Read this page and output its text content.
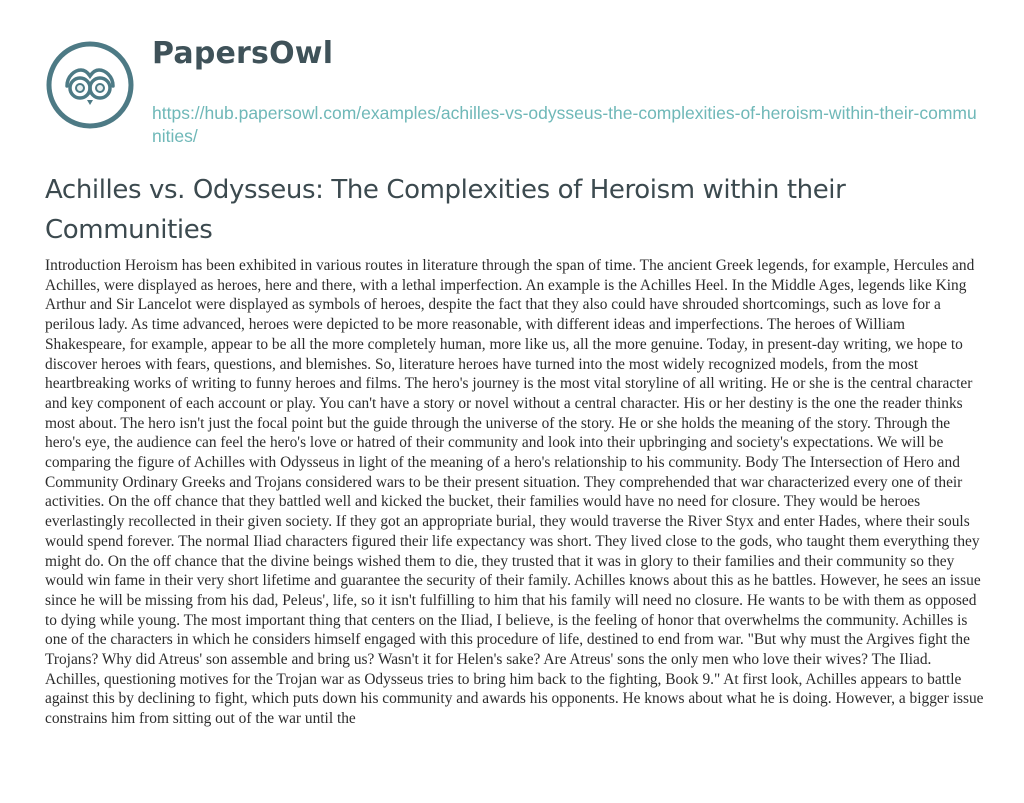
PapersOwl
https://hub.papersowl.com/examples/achilles-vs-odysseus-the-complexities-of-heroism-within-their-communities/
Achilles vs. Odysseus: The Complexities of Heroism within their Communities

Introduction Heroism has been exhibited in various routes in literature through the span of time. The ancient Greek legends, for example, Hercules and Achilles, were displayed as heroes, here and there, with a lethal imperfection. An example is the Achilles Heel. In the Middle Ages, legends like King Arthur and Sir Lancelot were displayed as symbols of heroes, despite the fact that they also could have shrouded shortcomings, such as love for a perilous lady. As time advanced, heroes were depicted to be more reasonable, with different ideas and imperfections. The heroes of William Shakespeare, for example, appear to be all the more completely human, more like us, all the more genuine. Today, in present-day writing, we hope to discover heroes with fears, questions, and blemishes. So, literature heroes have turned into the most widely recognized models, from the most heartbreaking works of writing to funny heroes and films. The hero's journey is the most vital storyline of all writing. He or she is the central character and key component of each account or play. You can't have a story or novel without a central character. His or her destiny is the one the reader thinks most about. The hero isn't just the focal point but the guide through the universe of the story. He or she holds the meaning of the story. Through the hero's eye, the audience can feel the hero's love or hatred of their community and look into their upbringing and society's expectations. We will be comparing the figure of Achilles with Odysseus in light of the meaning of a hero's relationship to his community. Body The Intersection of Hero and Community Ordinary Greeks and Trojans considered wars to be their present situation. They comprehended that war characterized every one of their activities. On the off chance that they battled well and kicked the bucket, their families would have no need for closure. They would be heroes everlastingly recollected in their given society. If they got an appropriate burial, they would traverse the River Styx and enter Hades, where their souls would spend forever. The normal Iliad characters figured their life expectancy was short. They lived close to the gods, who taught them everything they might do. On the off chance that the divine beings wished them to die, they trusted that it was in glory to their families and their community so they would win fame in their very short lifetime and guarantee the security of their family. Achilles knows about this as he battles. However, he sees an issue since he will be missing from his dad, Peleus', life, so it isn't fulfilling to him that his family will need no closure. He wants to be with them as opposed to dying while young. The most important thing that centers on the Iliad, I believe, is the feeling of honor that overwhelms the community. Achilles is one of the characters in which he considers himself engaged with this procedure of life, destined to end from war. "But why must the Argives fight the Trojans? Why did Atreus' son assemble and bring us? Wasn't it for Helen's sake? Are Atreus' sons the only men who love their wives? The Iliad. Achilles, questioning motives for the Trojan war as Odysseus tries to bring him back to the fighting, Book 9." At first look, Achilles appears to battle against this by declining to fight, which puts down his community and awards his opponents. He knows about what he is doing. However, a bigger issue constrains him from sitting out of the war until the
